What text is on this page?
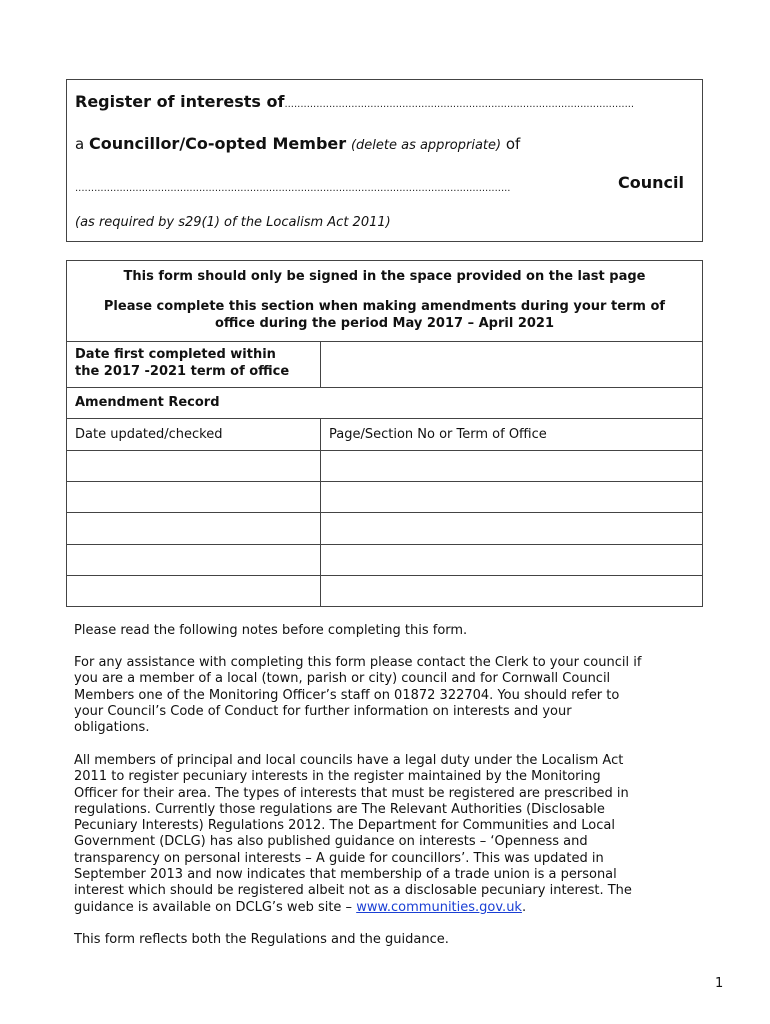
Register of interests of..............................................................................................................
a Councillor/Co-opted Member (delete as appropriate) of
.........................................................................................................................................	Council
(as required by s29(1) of the Localism Act 2011)
This form should only be signed in the space provided on the last page
Please complete this section when making amendments during your term of
office during the period May 2017 – April 2021
Date first completed within
the 2017 -2021 term of office
Amendment Record
Date updated/checked	Page/Section No or Term of Office
Please read the following notes before completing this form.
For any assistance with completing this form please contact the Clerk to your council if
you are a member of a local (town, parish or city) council and for Cornwall Council
Members one of the Monitoring Officer’s staff on 01872 322704. You should refer to
your Council’s Code of Conduct for further information on interests and your
obligations.
All members of principal and local councils have a legal duty under the Localism Act
2011 to register pecuniary interests in the register maintained by the Monitoring
Officer for their area. The types of interests that must be registered are prescribed in
regulations. Currently those regulations are The Relevant Authorities (Disclosable
Pecuniary Interests) Regulations 2012. The Department for Communities and Local
Government (DCLG) has also published guidance on interests – ‘Openness and
transparency on personal interests – A guide for councillors’. This was updated in
September 2013 and now indicates that membership of a trade union is a personal
interest which should be registered albeit not as a disclosable pecuniary interest. The
guidance is available on DCLG’s web site – www.communities.gov.uk.
This form reflects both the Regulations and the guidance.
1
